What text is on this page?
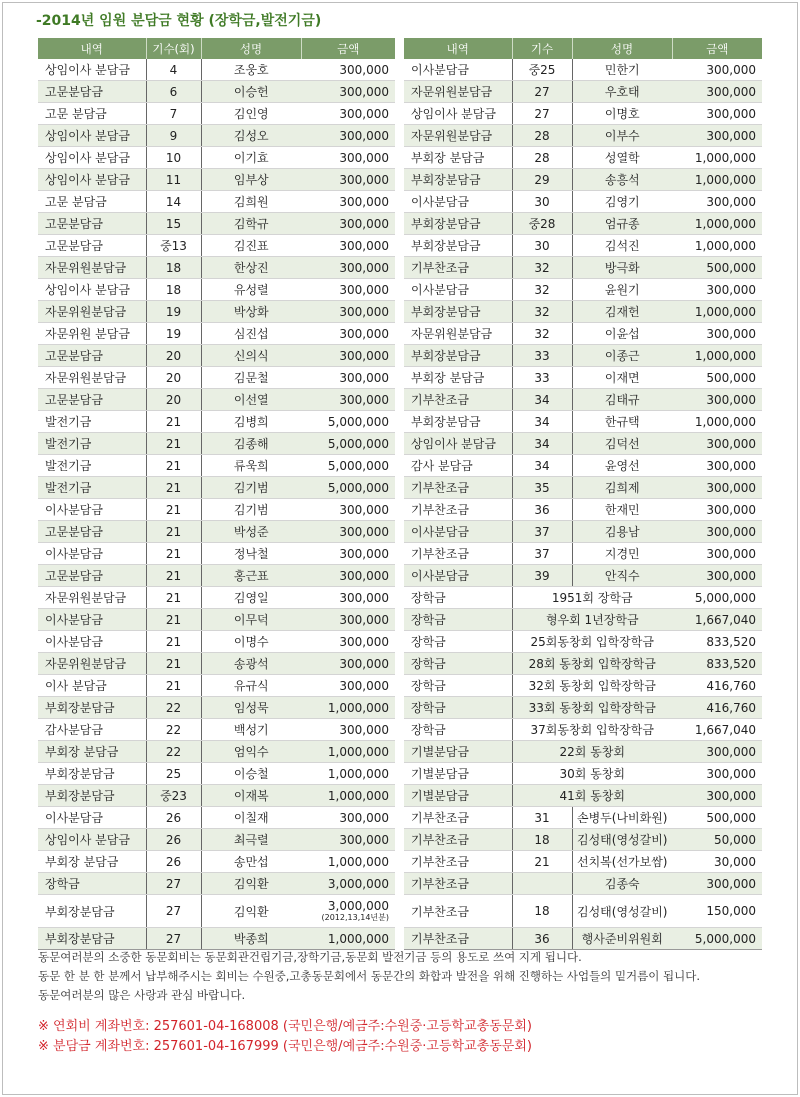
-2014년 임원 분담금 현황 (장학금,발전기금)
내역	기수(회)	성명	금액
상임이사 분담금	4	조웅호	300,000
고문분담금	6	이승헌	300,000
고문 분담금	7	김인영	300,000
상임이사 분담금	9	김성오	300,000
상임이사 분담금	10	이기효	300,000
상임이사 분담금	11	임부상	300,000
고문 분담금	14	김희원	300,000
고문분담금	15	김학규	300,000
고문분담금	중13	김진표	300,000
자문위원분담금	18	한상진	300,000
상임이사 분담금	18	유성렬	300,000
자문위원분담금	19	박상화	300,000
자문위원 분담금	19	심진섭	300,000
고문분담금	20	신의식	300,000
자문위원분담금	20	김문철	300,000
고문분담금	20	이선열	300,000
발전기금	21	김병희	5,000,000
발전기금	21	김종해	5,000,000
발전기금	21	류욱희	5,000,000
발전기금	21	김기범	5,000,000
이사분담금	21	김기범	300,000
고문분담금	21	박성준	300,000
이사분담금	21	정낙철	300,000
고문분담금	21	홍근표	300,000
자문위원분담금	21	김영일	300,000
이사분담금	21	이무덕	300,000
이사분담금	21	이명수	300,000
자문위원분담금	21	송광석	300,000
이사 분담금	21	유규식	300,000
부회장분담금	22	임성묵	1,000,000
감사분담금	22	백성기	300,000
부회장 분담금	22	엄익수	1,000,000
부회장분담금	25	이승철	1,000,000
부회장분담금	중23	이재복	1,000,000
이사분담금	26	이칠재	300,000
상임이사 분담금	26	최극렬	300,000
부회장 분담금	26	송만섭	1,000,000
장학금	27	김익환	3,000,000
부회장분담금	27	김익환	3,000,000
(2012,13,14년분)

부회장분담금	27	박종희	1,000,000
내역	기수	성명	금액
이사분담금	중25	민한기	300,000
자문위원분담금	27	우호태	300,000
상임이사 분담금	27	이명호	300,000
자문위원분담금	28	이부수	300,000
부회장 분담금	28	성열학	1,000,000
부회장분담금	29	송흥석	1,000,000
이사분담금	30	김영기	300,000
부회장분담금	중28	엄규종	1,000,000
부회장분담금	30	김석진	1,000,000
기부찬조금	32	방극화	500,000
이사분담금	32	윤원기	300,000
부회장분담금	32	김재헌	1,000,000
자문위원분담금	32	이윤섭	300,000
부회장분담금	33	이종근	1,000,000
부회장 분담금	33	이재면	500,000
기부찬조금	34	김태규	300,000
부회장분담금	34	한규택	1,000,000
상임이사 분담금	34	김덕선	300,000
감사 분담금	34	윤영선	300,000
기부찬조금	35	김희제	300,000
기부찬조금	36	한재민	300,000
이사분담금	37	김용남	300,000
기부찬조금	37	지경민	300,000
이사분담금	39	안직수	300,000
장학금	1951회 장학금		5,000,000
장학금	형우회 1년장학금		1,667,040
장학금	25회동창회 입학장학금		833,520
장학금	28회 동창회 입학장학금		833,520
장학금	32회 동창회 입학장학금		416,760
장학금	33회 동창회 입학장학금		416,760
장학금	37회동창회 입학장학금		1,667,040
기별분담금	22회 동창회		300,000
기별분담금	30회 동창회		300,000
기별분담금	41회 동창회		300,000
기부찬조금	31	손병두(나비화원)	500,000
기부찬조금	18	김성태(영성갈비)	50,000
기부찬조금	21	선치복(선가보쌈)	30,000
기부찬조금		김종숙	300,000
기부찬조금	18	김성태(영성갈비)	150,000
기부찬조금	36	행사준비위원회	5,000,000

동문여러분의 소중한 동문회비는 동문회관건립기금,장학기금,동문회 발전기금 등의 용도로 쓰여 지게 됩니다.

동문 한 분 한 분께서 납부해주시는 회비는 수원중,고총동문회에서 동문간의 화합과 발전을 위해 진행하는 사업들의 밑거름이 됩니다.

동문여러분의 많은 사랑과 관심 바랍니다.

※ 연회비 계좌번호: 257601-04-168008 (국민은행/예금주:수원중·고등학교총동문회)

※ 분담금 계좌번호: 257601-04-167999 (국민은행/예금주:수원중·고등학교총동문회)
